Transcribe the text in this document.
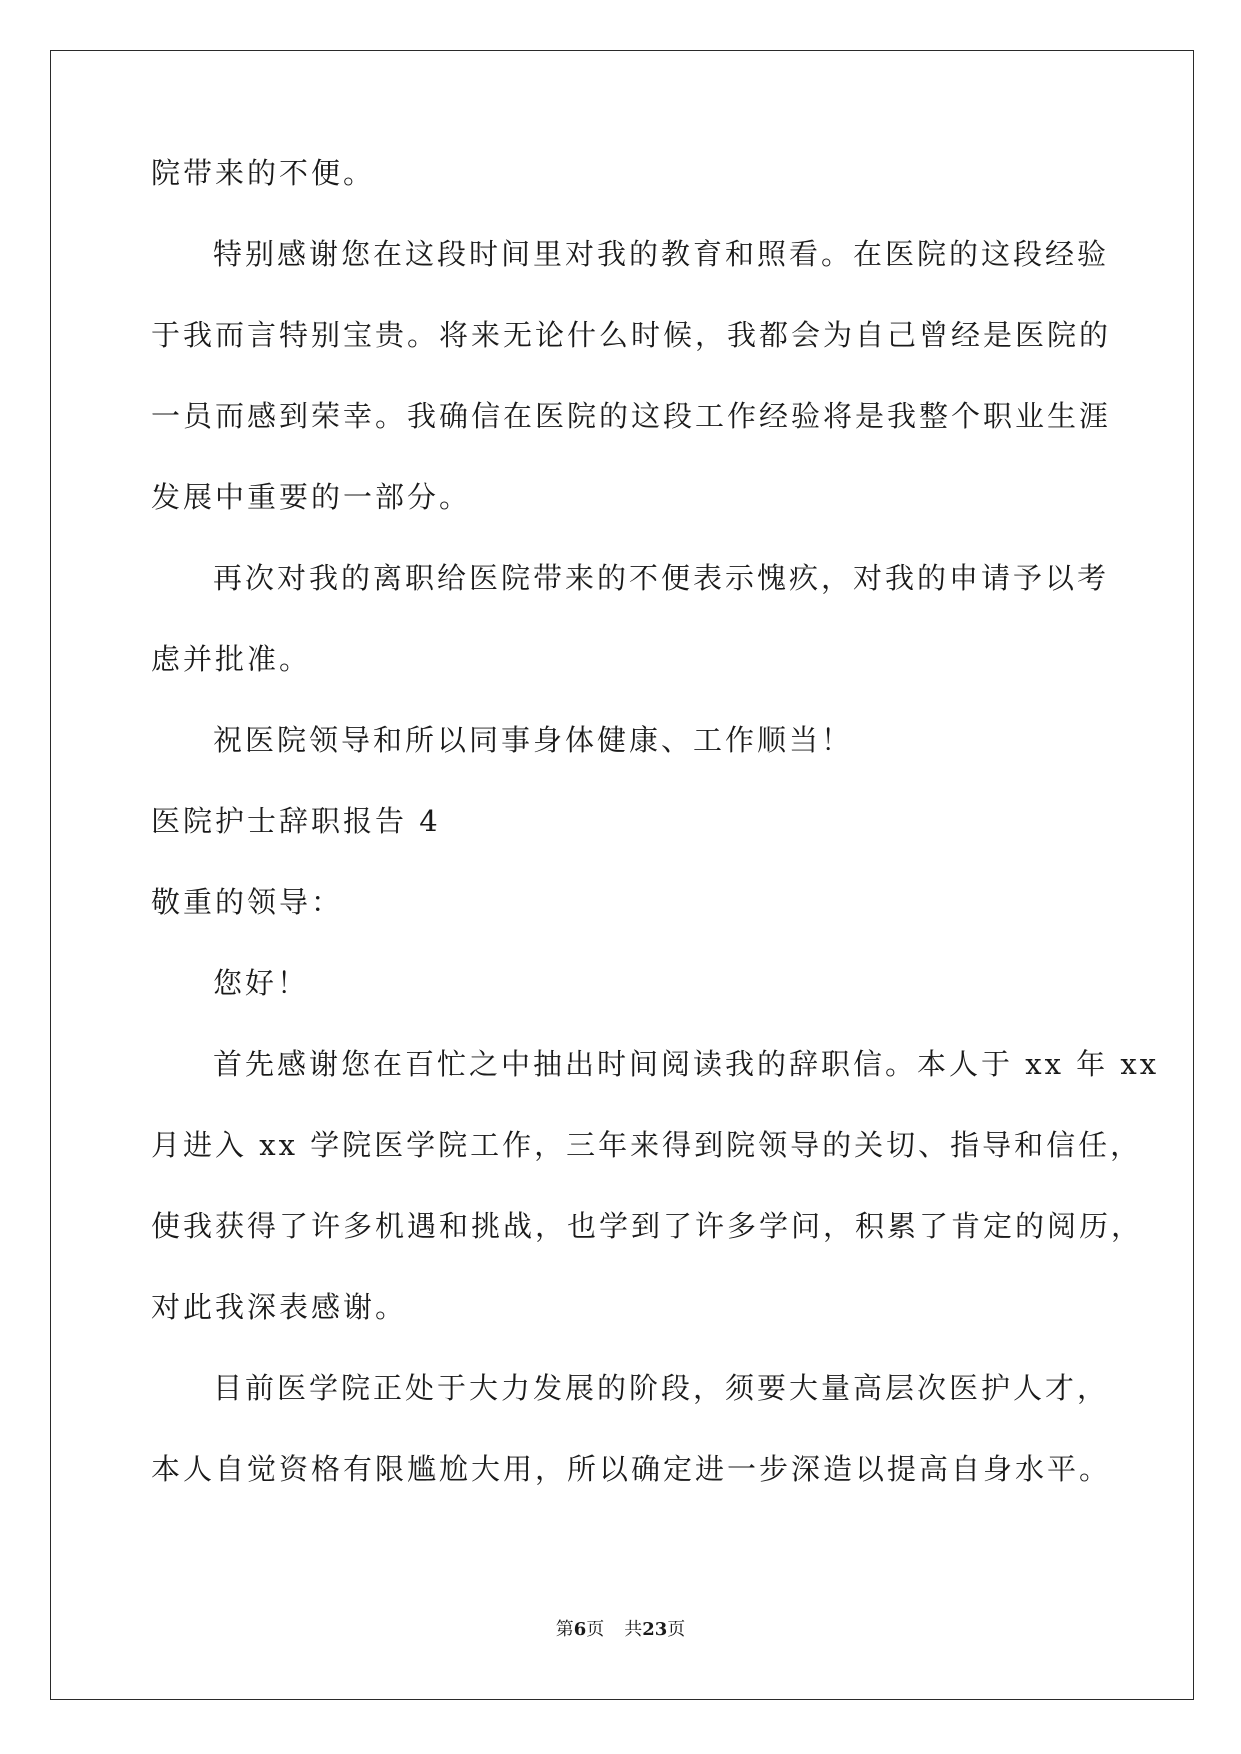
院带来的不便。

特别感谢您在这段时间里对我的教育和照看。在医院的这段经验

于我而言特别宝贵。将来无论什么时候，我都会为自己曾经是医院的

一员而感到荣幸。我确信在医院的这段工作经验将是我整个职业生涯

发展中重要的一部分。

再次对我的离职给医院带来的不便表示愧疚，对我的申请予以考

虑并批准。

祝医院领导和所以同事身体健康、工作顺当！

医院护士辞职报告 4

敬重的领导：

您好！

首先感谢您在百忙之中抽出时间阅读我的辞职信。本人于 xx 年 xx

月进入 xx 学院医学院工作，三年来得到院领导的关切、指导和信任，

使我获得了许多机遇和挑战，也学到了许多学问，积累了肯定的阅历，

对此我深表感谢。

目前医学院正处于大力发展的阶段，须要大量高层次医护人才，

本人自觉资格有限尴尬大用，所以确定进一步深造以提高自身水平。

第6页 共23页
